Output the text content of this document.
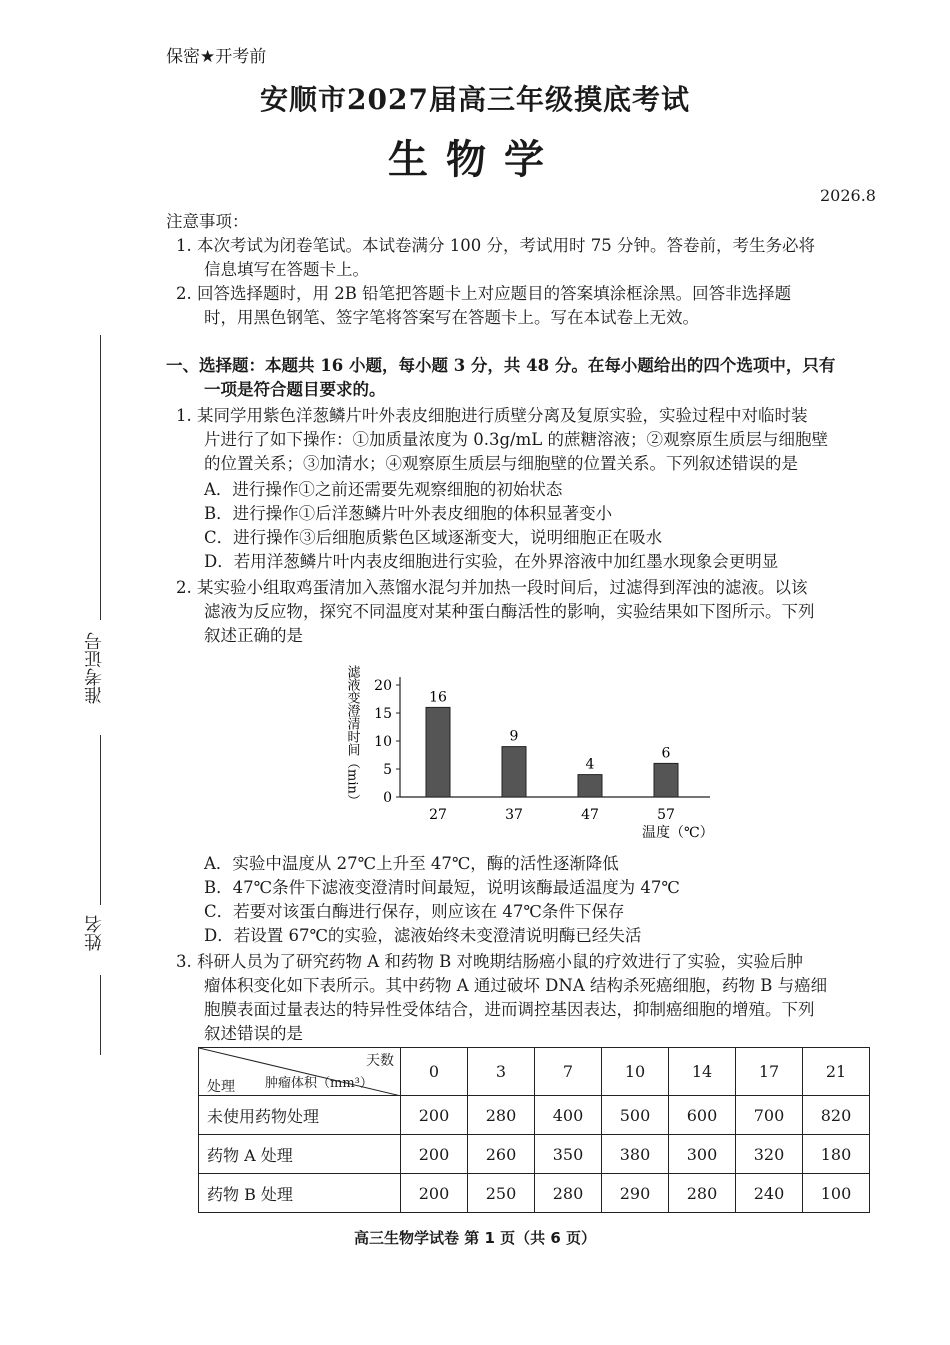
保密★开考前
安顺市2027届高三年级摸底考试
生物学
2026.8
准考证号
姓名
注意事项：
1. 本次考试为闭卷笔试。本试卷满分 100 分，考试用时 75 分钟。答卷前，考生务必将
信息填写在答题卡上。
2. 回答选择题时，用 2B 铅笔把答题卡上对应题目的答案填涂框涂黑。回答非选择题
时，用黑色钢笔、签字笔将答案写在答题卡上。写在本试卷上无效。
一、选择题：本题共 16 小题，每小题 3 分，共 48 分。在每小题给出的四个选项中，只有
一项是符合题目要求的。
1. 某同学用紫色洋葱鳞片叶外表皮细胞进行质壁分离及复原实验，实验过程中对临时装
片进行了如下操作：①加质量浓度为 0.3g/mL 的蔗糖溶液；②观察原生质层与细胞壁
的位置关系；③加清水；④观察原生质层与细胞壁的位置关系。下列叙述错误的是
A．进行操作①之前还需要先观察细胞的初始状态
B．进行操作①后洋葱鳞片叶外表皮细胞的体积显著变小
C．进行操作③后细胞质紫色区域逐渐变大，说明细胞正在吸水
D．若用洋葱鳞片叶内表皮细胞进行实验，在外界溶液中加红墨水现象会更明显
2. 某实验小组取鸡蛋清加入蒸馏水混匀并加热一段时间后，过滤得到浑浊的滤液。以该
滤液为反应物，探究不同温度对某种蛋白酶活性的影响，实验结果如下图所示。下列
叙述正确的是
0
5
10
15
20
16
27
9
37
4
47
6
57
滤液变澄清时间（min）
温度（℃）
A．实验中温度从 27℃上升至 47℃，酶的活性逐渐降低
B．47℃条件下滤液变澄清时间最短，说明该酶最适温度为 47℃
C．若要对该蛋白酶进行保存，则应该在 47℃条件下保存
D．若设置 67℃的实验，滤液始终未变澄清说明酶已经失活
3. 科研人员为了研究药物 A 和药物 B 对晚期结肠癌小鼠的疗效进行了实验，实验后肿
瘤体积变化如下表所示。其中药物 A 通过破坏 DNA 结构杀死癌细胞，药物 B 与癌细
胞膜表面过量表达的特异性受体结合，进而调控基因表达，抑制癌细胞的增殖。下列
叙述错误的是
天数
肿瘤体积（mm³）
处理	0	3	7	10	14	17	21
未使用药物处理	200	280	400	500	600	700	820
药物 A 处理	200	260	350	380	300	320	180
药物 B 处理	200	250	280	290	280	240	100
高三生物学试卷 第 1 页（共 6 页）
